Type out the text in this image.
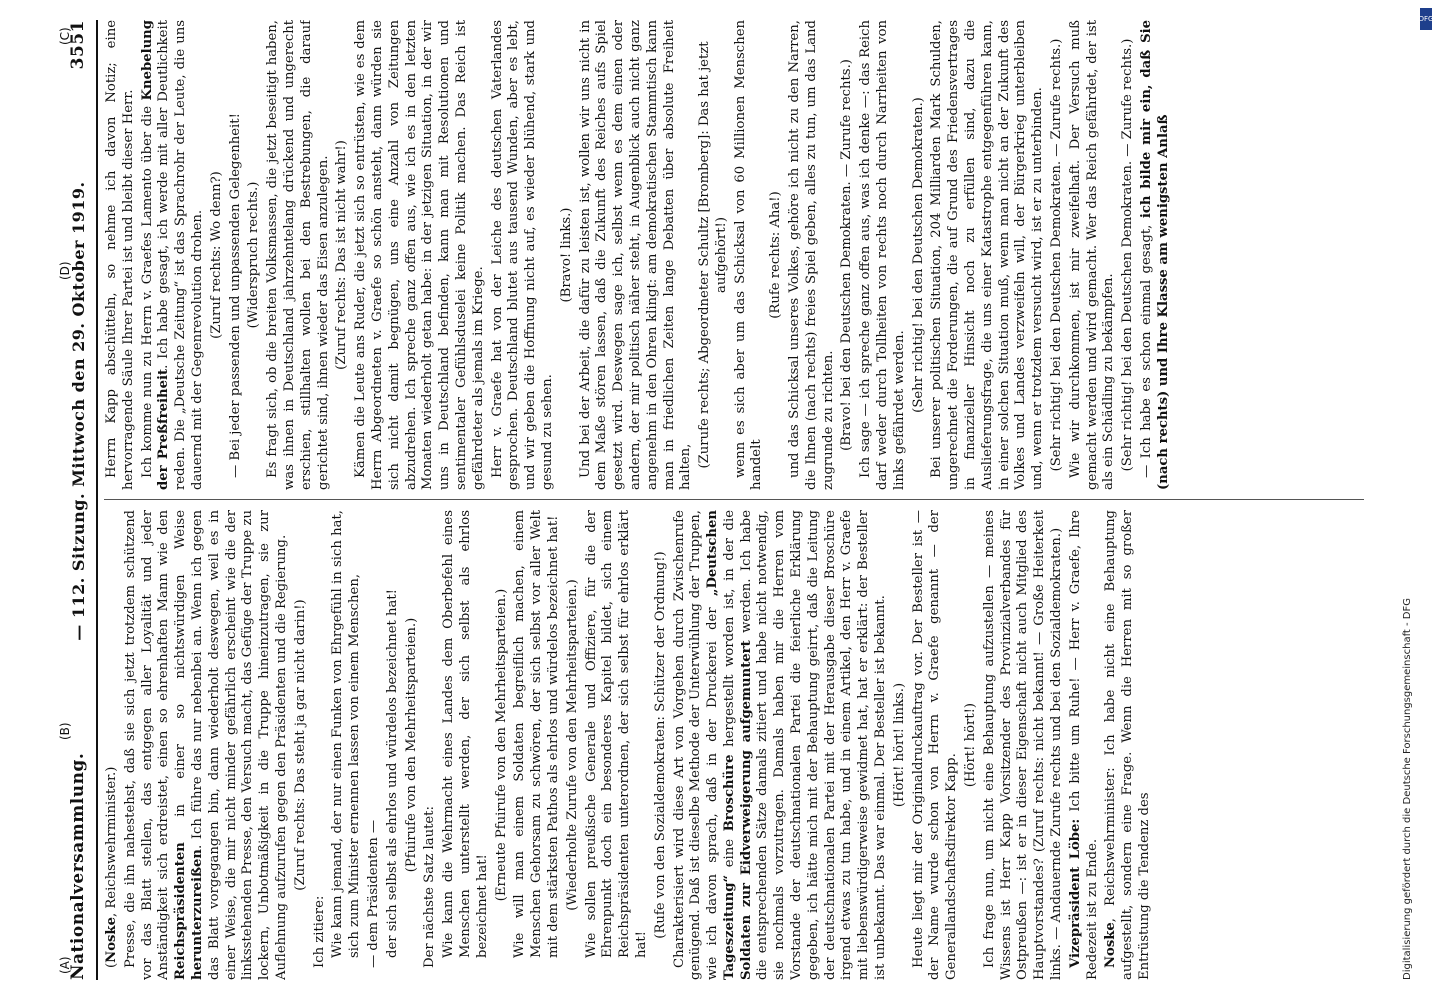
Nationalversammlung.
— 112. Sitzung. Mittwoch den 29. Oktober 1919.
3551

(Noske, Reichswehrminister.) Presse, die ihn nahestehst, daß sie sich jetzt trotzdem schützend vor das Blatt stellen, das entgegen aller Loyalität und jeder Anständigkeit sich erdreistet, einen so ehrenhaften Mann wie den Reichspräsidenten in einer so nichtswürdigen Weise herunterzureißen. Ich führe das nur nebenbei an. Wenn ich gegen das Blatt vorgegangen bin, dann wiederholt deswegen, weil es in einer Weise, die mir nicht minder gefährlich erscheint wie die der linksstehenden Presse, den Versuch macht, das Gefüge der Truppe zu lockern, Unbotmäßigkeit in die Truppe hineinzutragen, sie zur Auflehnung aufzurufen gegen den Präsidenten und die Regierung. (Zuruf rechts: Das steht ja gar nicht darin!)

Ich zitiere: Wie kann jemand, der nur einen Funken von Ehrgefühl in sich hat, sich zum Minister ernennen lassen von einem Menschen, — dem Präsidenten — der sich selbst als ehrlos und würdelos bezeichnet hat! (Pfuirufe von den Mehrheitsparteien.)

Der nächste Satz lautet: Wie kann die Wehrmacht eines Landes dem Oberbefehl eines Menschen unterstellt werden, der sich selbst als ehrlos bezeichnet hat!

(Erneute Pfuirufe von den Mehrheitsparteien.) Wie will man einem Soldaten begreiflich machen, einem Menschen Gehorsam zu schwören, der sich selbst vor aller Welt mit dem stärksten Pathos als ehrlos und würdelos bezeichnet hat! (Wiederholte Zurufe von den Mehrheitsparteien.) Wie sollen preußische Generale und Offiziere, für die der Ehrenpunkt doch ein besonderes Kapitel bildet, sich einem Reichspräsidenten unterordnen, der sich selbst für ehrlos erklärt hat!

(Rufe von den Sozialdemokraten: Schützer der Ordnung!) Charakterisiert wird diese Art von Vorgehen durch Zwischenrufe genügend. Daß ist dieselbe Methode der Unterwühlung der Truppen, wie ich davon sprach, daß in der Druckerei der „Deutschen Tageszeitung“ eine Broschüre hergestellt worden ist, in der die Soldaten zur Eidverweigerung aufgemuntert werden. Ich habe die entsprechenden Sätze damals zitiert und habe nicht notwendig, sie nochmals vorzutragen. Damals haben mir die Herren vom Vorstande der deutschnationalen Partei die feierliche Erklärung gegeben, ich hätte mich mit der Behauptung geirrt, daß die Leitung der deutschnationalen Partei mit der Herausgabe dieser Broschüre irgend etwas zu tun habe, und in einem Artikel, den Herr v. Graefe mit liebenswürdigerweise gewidmet hat, hat er erklärt: der Besteller ist unbekannt. Das war einmal. Der Besteller ist bekannt. (Hört! hört! links.) Heute liegt mir der Originaldruckauftrag vor. Der Besteller ist — der Name wurde schon von Herrn v. Graefe genannt — der Generallandschaftsdirektor Kapp.

(Hört! hört!) Ich frage nun, um nicht eine Behauptung aufzustellen — meines Wissens ist Herr Kapp Vorsitzender des Provinzialverbandes für Ostpreußen —: ist er in dieser Eigenschaft nicht auch Mitglied des Hauptvorstandes? (Zuruf rechts: nicht bekannt! — Große Heiterkeit links. — Andauernde Zurufe rechts und bei den Sozialdemokraten.) Vizepräsident Löbe: Ich bitte um Ruhe! — Herr v. Graefe, Ihre Redezeit ist zu Ende. Noske, Reichswehrminister: Ich habe nicht eine Behauptung aufgestellt, sondern eine Frage. Wenn die Herren mit so großer Entrüstung die Tendenz des

Herrn Kapp abschütteln, so nehme ich davon Notiz; eine hervorragende Säule Ihrer Partei ist und bleibt dieser Herr. Ich komme nun zu Herrn v. Graefes Lamento über die Knebelung der Preßfreiheit. Ich habe gesagt, ich werde mit aller Deutlichkeit reden. Die „Deutsche Zeitung“ ist das Sprachrohr der Leute, die uns dauernd mit der Gegenrevolution drohen. (Zuruf rechts: Wo denn?) — Bei jeder passenden und unpassenden Gelegenheit! (Widerspruch rechts.) Es fragt sich, ob die breiten Volksmassen, die jetzt beseitigt haben, was ihnen in Deutschland jahrzehntelang drückend und ungerecht erschien, stillhalten wollen bei den Bestrebungen, die darauf gerichtet sind, ihnen wieder das Eisen anzulegen. (Zuruf rechts: Das ist nicht wahr!) Kämen die Leute ans Ruder, die jetzt sich so entrüsten, wie es dem Herrn Abgeordneten v. Graefe so schön ansteht, dann würden sie sich nicht damit begnügen, uns eine Anzahl von Zeitungen abzudrehen. Ich spreche ganz offen aus, wie ich es in den letzten Monaten wiederholt getan habe: in der jetzigen Situation, in der wir uns in Deutschland befinden, kann man mit Resolutionen und sentimentaler Gefühlsduselei keine Politik machen. Das Reich ist gefährdeter als jemals im Kriege. Herr v. Graefe hat von der Leiche des deutschen Vaterlandes gesprochen. Deutschland blutet aus tausend Wunden, aber es lebt, und wir geben die Hoffnung nicht auf, es wieder blühend, stark und gesund zu sehen.

(Bravo! links.) Und bei der Arbeit, die dafür zu leisten ist, wollen wir uns nicht in dem Maße stören lassen, daß die Zukunft des Reiches aufs Spiel gesetzt wird. Deswegen sage ich, selbst wenn es dem einen oder andern, der mir politisch näher steht, in Augenblick auch nicht ganz angenehm in den Ohren klingt: am demokratischen Stammtisch kann man in friedlichen Zeiten lange Debatten über absolute Freiheit halten, (Zurufe rechts; Abgeordneter Schultz [Bromberg]: Das hat jetzt aufgehört!) wenn es sich aber um das Schicksal von 60 Millionen Menschen handelt

(Rufe rechts: Aha!) und das Schicksal unseres Volkes, gehöre ich nicht zu den Narren, die Ihnen (nach rechts) freies Spiel geben, alles zu tun, um das Land zugrunde zu richten. (Bravo! bei den Deutschen Demokraten. — Zurufe rechts.) Ich sage — ich spreche ganz offen aus, was ich denke —: das Reich darf weder durch Tollheiten von rechts noch durch Narrheiten von links gefährdet werden. (Sehr richtig! bei den Deutschen Demokraten.) Bei unserer politischen Situation, 204 Milliarden Mark Schulden, ungerechnet die Forderungen, die auf Grund des Friedensvertrages in finanzieller Hinsicht noch zu erfüllen sind, dazu die Auslieferungsfrage, die uns einer Katastrophe entgegenführen kann, in einer solchen Situation muß, wenn man nicht an der Zukunft des Volkes und Landes verzweifeln will, der Bürgerkrieg unterbleiben und, wenn er trotzdem versucht wird, ist er zu unterbinden. (Sehr richtig! bei den Deutschen Demokraten. — Zurufe rechts.) Wie wir durchkommen, ist mir zweifelhaft. Der Versuch muß gemacht werden und wird gemacht. Wer das Reich gefährdet, der ist als ein Schädling zu bekämpfen. (Sehr richtig! bei den Deutschen Demokraten. — Zurufe rechts.) — Ich habe es schon einmal gesagt, ich bilde mir ein, daß Sie (nach rechts) und Ihre Klasse am wenigsten Anlaß

(A)
(B)
(C)
(D)
Digitalisierung gefördert durch die Deutsche Forschungsgemeinschaft - DFG
DFG
